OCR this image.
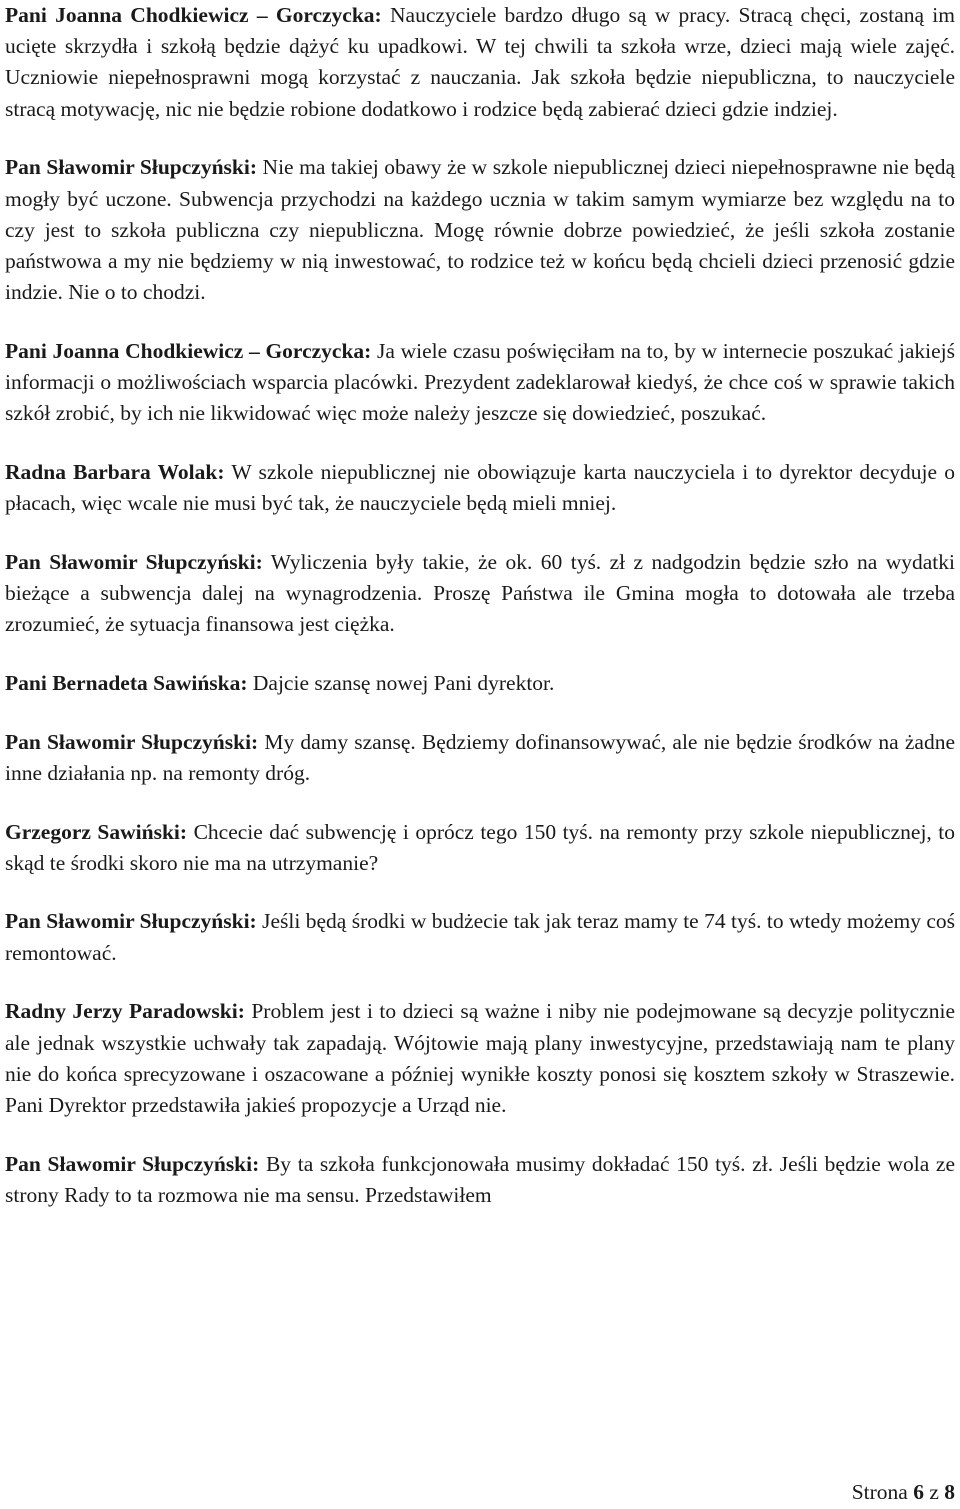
Pani Joanna Chodkiewicz – Gorczycka: Nauczyciele bardzo długo są w pracy. Stracą chęci, zostaną im ucięte skrzydła i szkołą będzie dążyć ku upadkowi. W tej chwili ta szkoła wrze, dzieci mają wiele zajęć. Uczniowie niepełnosprawni mogą korzystać z nauczania. Jak szkoła będzie niepubliczna, to nauczyciele stracą motywację, nic nie będzie robione dodatkowo i rodzice będą zabierać dzieci gdzie indziej.

Pan Sławomir Słupczyński: Nie ma takiej obawy że w szkole niepublicznej dzieci niepełnosprawne nie będą mogły być uczone. Subwencja przychodzi na każdego ucznia w takim samym wymiarze bez względu na to czy jest to szkoła publiczna czy niepubliczna. Mogę równie dobrze powiedzieć, że jeśli szkoła zostanie państwowa a my nie będziemy w nią inwestować, to rodzice też w końcu będą chcieli dzieci przenosić gdzie indzie. Nie o to chodzi.

Pani Joanna Chodkiewicz – Gorczycka: Ja wiele czasu poświęciłam na to, by w internecie poszukać jakiejś informacji o możliwościach wsparcia placówki. Prezydent zadeklarował kiedyś, że chce coś w sprawie takich szkół zrobić, by ich nie likwidować więc może należy jeszcze się dowiedzieć, poszukać.

Radna Barbara Wolak: W szkole niepublicznej nie obowiązuje karta nauczyciela i to dyrektor decyduje o płacach, więc wcale nie musi być tak, że nauczyciele będą mieli mniej.

Pan Sławomir Słupczyński: Wyliczenia były takie, że ok. 60 tyś. zł z nadgodzin będzie szło na wydatki bieżące a subwencja dalej na wynagrodzenia. Proszę Państwa ile Gmina mogła to dotowała ale trzeba zrozumieć, że sytuacja finansowa jest ciężka.

Pani Bernadeta Sawińska: Dajcie szansę nowej Pani dyrektor.

Pan Sławomir Słupczyński: My damy szansę. Będziemy dofinansowywać, ale nie będzie środków na żadne inne działania np. na remonty dróg.

Grzegorz Sawiński: Chcecie dać subwencję i oprócz tego 150 tyś. na remonty przy szkole niepublicznej, to skąd te środki skoro nie ma na utrzymanie?

Pan Sławomir Słupczyński: Jeśli będą środki w budżecie tak jak teraz mamy te 74 tyś. to wtedy możemy coś remontować.

Radny Jerzy Paradowski: Problem jest i to dzieci są ważne i niby nie podejmowane są decyzje politycznie ale jednak wszystkie uchwały tak zapadają. Wójtowie mają plany inwestycyjne, przedstawiają nam te plany nie do końca sprecyzowane i oszacowane a później wynikłe koszty ponosi się kosztem szkoły w Straszewie. Pani Dyrektor przedstawiła jakieś propozycje a Urząd nie.

Pan Sławomir Słupczyński: By ta szkoła funkcjonowała musimy dokładać 150 tyś. zł. Jeśli będzie wola ze strony Rady to ta rozmowa nie ma sensu. Przedstawiłem

Strona 6 z 8
